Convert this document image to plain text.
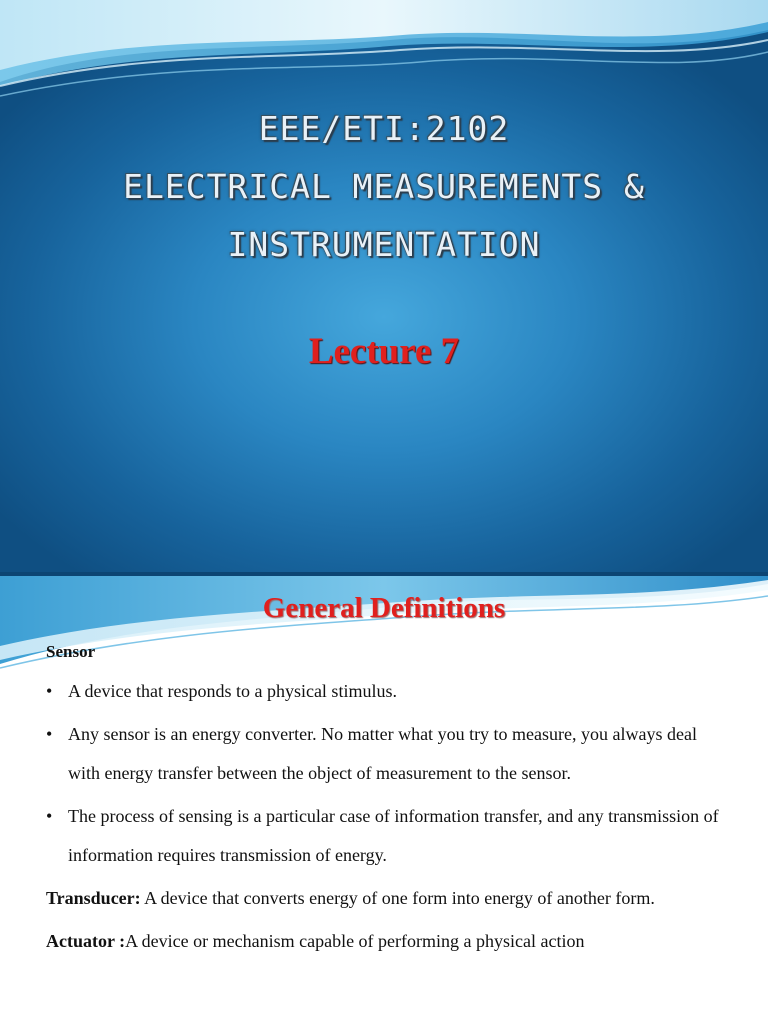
EEE/ETI:2102
ELECTRICAL MEASUREMENTS &
INSTRUMENTATION
Lecture 7
General Definitions
Sensor
• A device that responds to a physical stimulus.
• Any sensor is an energy converter. No matter what you try to measure, you always deal with energy transfer between the object of measurement to the sensor.
• The process of sensing is a particular case of information transfer, and any transmission of information requires transmission of energy.

Transducer: A device that converts energy of one form into energy of another form.

Actuator :A device or mechanism capable of performing a physical action
